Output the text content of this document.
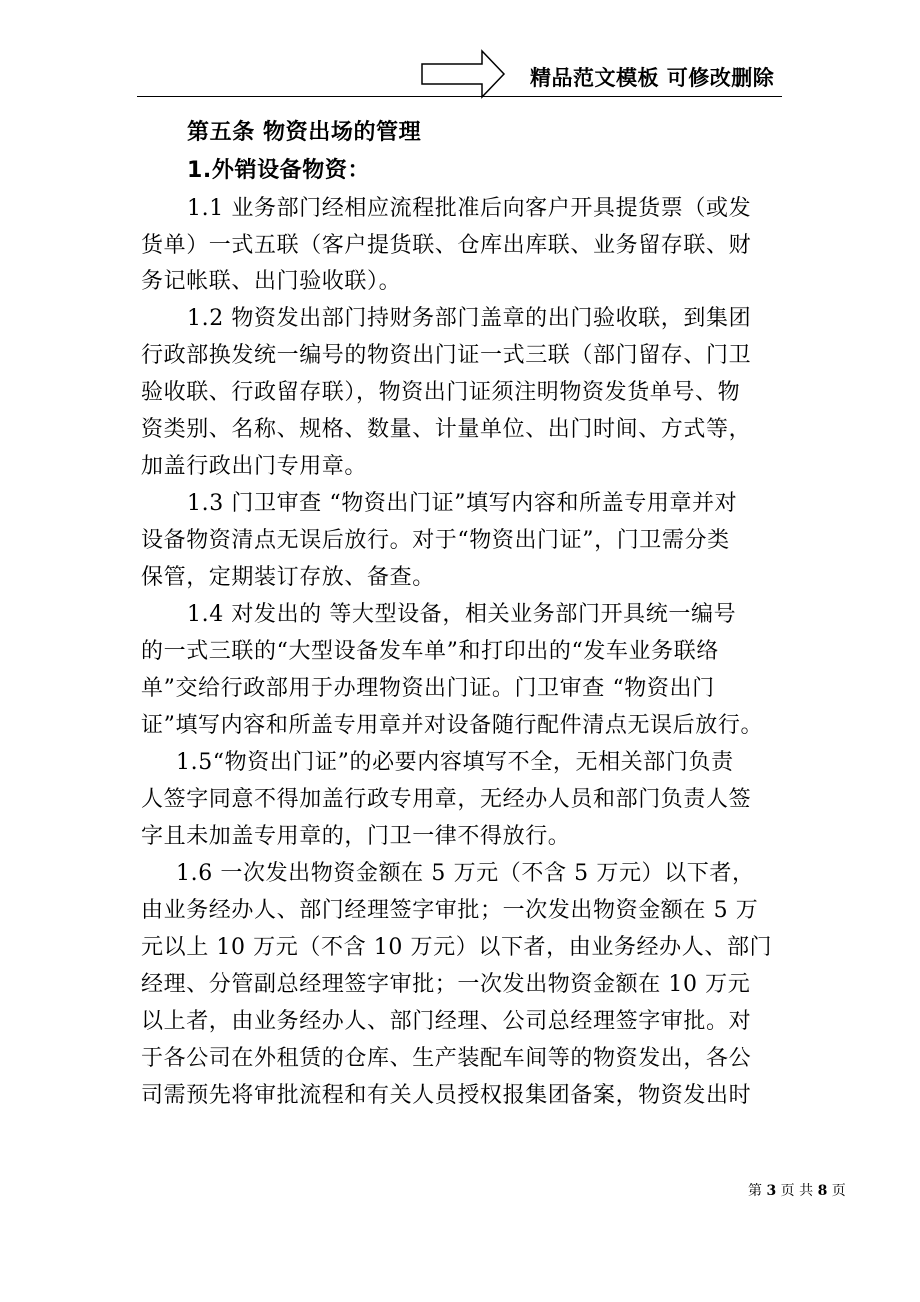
精品范文模板 可修改删除
第五条 物资出场的管理
1.外销设备物资：
1.1 业务部门经相应流程批准后向客户开具提货票（或发
货单）一式五联（客户提货联、仓库出库联、业务留存联、财
务记帐联、出门验收联）。
1.2 物资发出部门持财务部门盖章的出门验收联，到集团
行政部换发统一编号的物资出门证一式三联（部门留存、门卫
验收联、行政留存联），物资出门证须注明物资发货单号、物
资类别、名称、规格、数量、计量单位、出门时间、方式等，
加盖行政出门专用章。
1.3 门卫审查 “物资出门证”填写内容和所盖专用章并对
设备物资清点无误后放行。对于“物资出门证”，门卫需分类
保管，定期装订存放、备查。
1.4 对发出的 等大型设备，相关业务部门开具统一编号
的一式三联的“大型设备发车单”和打印出的“发车业务联络
单”交给行政部用于办理物资出门证。门卫审查 “物资出门
证”填写内容和所盖专用章并对设备随行配件清点无误后放行。
1.5“物资出门证”的必要内容填写不全，无相关部门负责
人签字同意不得加盖行政专用章，无经办人员和部门负责人签
字且未加盖专用章的，门卫一律不得放行。
1.6 一次发出物资金额在 5 万元（不含 5 万元）以下者，
由业务经办人、部门经理签字审批；一次发出物资金额在 5 万
元以上 10 万元（不含 10 万元）以下者，由业务经办人、部门
经理、分管副总经理签字审批；一次发出物资金额在 10 万元
以上者，由业务经办人、部门经理、公司总经理签字审批。对
于各公司在外租赁的仓库、生产装配车间等的物资发出，各公
司需预先将审批流程和有关人员授权报集团备案，物资发出时
第 3 页 共 8 页
